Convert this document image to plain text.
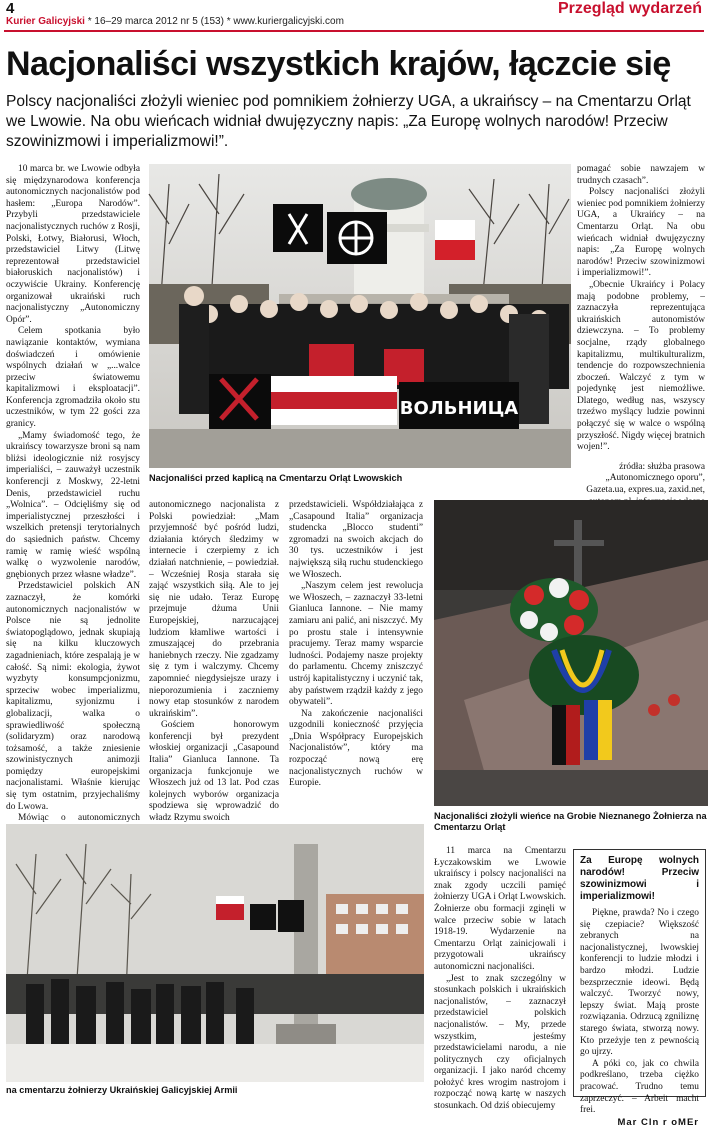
4	Przegląd wydarzeń
Kurier Galicyjski * 16–29 marca 2012 nr 5 (153) * www.kuriergalicyjski.com
Nacjonaliści wszystkich krajów, łączcie się
Polscy nacjonaliści złożyli wieniec pod pomnikiem żołnierzy UGA, a ukraińscy – na Cmentarzu Orląt we Lwowie. Na obu wieńcach widniał dwujęzyczny napis: „Za Europę wolnych narodów! Przeciw szowinizmowi i imperializmowi!”.

10 marca br. we Lwowie odbyła się międzynarodowa konferencja autonomicznych nacjonalistów pod hasłem: „Europa Narodów”. Przybyli przedstawiciele nacjonalistycznych ruchów z Rosji, Polski, Łotwy, Białorusi, Włoch, przedstawiciel Litwy (Litwę reprezentował przedstawiciel białoruskich nacjonalistów) i oczywiście Ukrainy. Konferencję organizował ukraiński ruch nacjonalistyczny „Autonomiczny Opór”.

Celem spotkania było nawiązanie kontaktów, wymiana doświadczeń i omówienie wspólnych działań w „...walce przeciw światowemu kapitalizmowi i eksploatacji”. Konferencja zgromadziła około stu uczestników, w tym 22 gości zza granicy.

„Mamy świadomość tego, że ukraińscy towarzysze broni są nam bliżsi ideologicznie niż rosyjscy imperialiści, – zauważył uczestnik konferencji z Moskwy, 22-letni Denis, przedstawiciel ruchu „Wolnica”. – Odcięliśmy się od imperialistycznej przeszłości i wszelkich pretensji terytorialnych do sąsiednich państw. Chcemy ramię w ramię wieść wspólną walkę o wyzwolenie narodów, gnębionych przez własne władze”.

Przedstawiciel polskich AN zaznaczył, że komórki autonomicznych nacjonalistów w Polsce nie są jednolite światopoglądowo, jednak skupiają się na kilku kluczowych zagadnieniach, które zespalają je w całość. Są nimi: ekologia, żywot wyzbyty konsumpcjonizmu, sprzeciw wobec imperializmu, kapitalizmu, syjonizmu i globalizacji, walka o sprawiedliwość społeczną (solidaryzm) oraz narodową tożsamość, a także zniesienie szowinistycznych animozji pomiędzy europejskimi nacjonalistami. Właśnie kierując się tym ostatnim, przyjechaliśmy do Lwowa.

Mówiąc o autonomicznych

ВОЛЬНИЦА
Nacjonaliści przed kaplicą na Cmentarzu Orląt Lwowskich

autonomicznego nacjonalista z Polski powiedział: „Mam przyjemność być pośród ludzi, działania których śledzimy w internecie i czerpiemy z ich działań natchnienie, – powiedział. – Wcześniej Rosja starała się zająć wszystkich siłą. Ale to jej się nie udało. Teraz Europę przejmuje dżuma Unii Europejskiej, narzucającej ludziom kłamliwe wartości i zmuszającej do przebrania haniebnych rzeczy. Nie zgadzamy się z tym i walczymy. Chcemy zapomnieć niegdysiejsze urazy i nieporozumienia i zaczniemy nowy etap stosunków z narodem ukraińskim”.

Gościem honorowym konferencji był prezydent włoskiej organizacji „Casapound Italia” Gianluca Iannone. Ta organizacja funkcjonuje we Włoszech już od 13 lat. Pod czas kolejnych wyborów organizacja spodziewa się wprowadzić do władz Rzymu swoich

przedstawicieli. Współdziałająca z „Casapound Italia” organizacja studencka „Blocco studenti” zgromadzi na swoich akcjach do 30 tys. uczestników i jest największą siłą ruchu studenckiego we Włoszech.

„Naszym celem jest rewolucja we Włoszech, – zaznaczył 33-letni Gianluca Iannone. – Nie mamy zamiaru ani palić, ani niszczyć. My po prostu stale i intensywnie pracujemy. Teraz mamy wsparcie ludności. Podajemy nasze projekty do parlamentu. Chcemy zniszczyć ustrój kapitalistyczny i uczynić tak, aby państwem rządził każdy z jego obywateli”.

Na zakończenie nacjonaliści uzgodnili konieczność przyjęcia „Dnia Współpracy Europejskich Nacjonalistów”, który ma rozpocząć nową erę nacjonalistycznych ruchów w Europie.

pomagać sobie nawzajem w trudnych czasach”.

Polscy nacjonaliści złożyli wieniec pod pomnikiem żołnierzy UGA, a Ukraińcy – na Cmentarzu Orląt. Na obu wieńcach widniał dwujęzyczny napis: „Za Europę wolnych narodów! Przeciw szowinizmowi i imperializmowi!”.

„Obecnie Ukraińcy i Polacy mają podobne problemy, – zaznaczyła reprezentująca ukraińskich autonomistów dziewczyna. – To problemy socjalne, rządy globalnego kapitalizmu, multikulturalizm, tendencje do rozpowszechnienia zboczeń. Walczyć z tym w pojedynkę jest niemożliwe. Dlatego, według nas, wszyscy trzeźwo myślący ludzie powinni połączyć się w walce o wspólną przyszłość. Nigdy więcej bratnich wojen!”.

źródła: służba prasowa „Autonomicznego oporu”, Gazeta.ua, expres.ua, zaxid.net,

Nacjonaliści złożyli wieńce na Grobie Nieznanego Żołnierza na Cmentarzu Orląt
na cmentarzu żołnierzy Ukraińskiej Galicyjskiej Armii

11 marca na Cmentarzu Łyczakowskim we Lwowie ukraińscy i polscy nacjonaliści na znak zgody uczcili pamięć żołnierzy UGA i Orląt Lwowskich. Żołnierze obu formacji zginęli w walce przeciw sobie w latach 1918-19. Wydarzenie na Cmentarzu Orląt zainicjowali i przygotowali ukraińscy autonomiczni nacjonaliści.

„Jest to znak szczególny w stosunkach polskich i ukraińskich nacjonalistów, – zaznaczył przedstawiciel polskich nacjonalistów. – My, przede wszystkim, jesteśmy przedstawicielami narodu, a nie politycznych czy oficjalnych organizacji. I jako naród chcemy położyć kres wrogim nastrojom i rozpocząć nową kartę w naszych stosunkach. Od dziś obiecujemy

Za Europę wolnych narodów! Przeciw szowinizmowi i imperializmowi!

Piękne, prawda? No i czego się czepiacie? Większość zebranych na nacjonalistycznej, lwowskiej konferencji to ludzie młodzi i bardzo młodzi. Ludzie bezsprzecznie ideowi. Będą walczyć. Tworzyć nowy, lepszy świat. Mają proste rozwiązania. Odrzucą zgniliznę starego świata, stworzą nowy. Kto przeżyje ten z pewnością go ujrzy.

A póki co, jak co chwila podkreślano, trzeba ciężko pracować. Trudno temu zaprzeczyć. – Arbeit macht frei.

Mar Cln r oMEr
